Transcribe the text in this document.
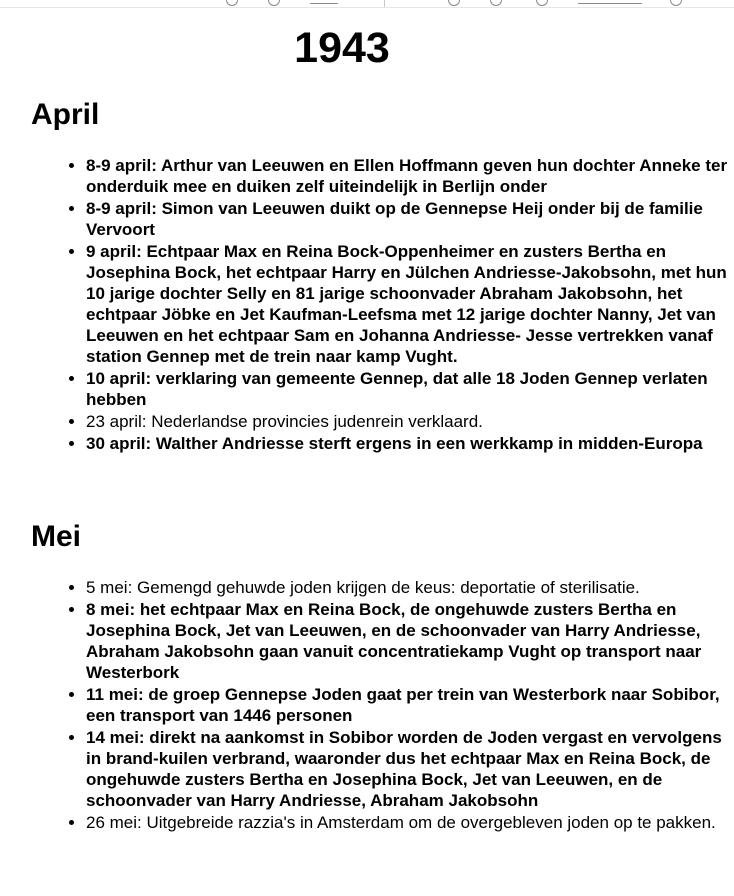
1943
April
• 8-9 april: Arthur van Leeuwen en Ellen Hoffmann geven hun dochter Anneke ter onderduik mee en duiken zelf uiteindelijk in Berlijn onder
• 8-9 april: Simon van Leeuwen duikt op de Gennepse Heij onder bij de familie Vervoort
• 9 april: Echtpaar Max en Reina Bock-Oppenheimer en zusters Bertha en Josephina Bock, het echtpaar Harry en Jülchen Andriesse-Jakobsohn, met hun 10 jarige dochter Selly en 81 jarige schoonvader Abraham Jakobsohn, het echtpaar Jöbke en Jet Kaufman-Leefsma met 12 jarige dochter Nanny, Jet van Leeuwen en het echtpaar Sam en Johanna Andriesse- Jesse vertrekken vanaf station Gennep met de trein naar kamp Vught.
• 10 april: verklaring van gemeente Gennep, dat alle 18 Joden Gennep verlaten hebben
• 23 april: Nederlandse provincies judenrein verklaard.
• 30 april: Walther Andriesse sterft ergens in een werkkamp in midden-Europa
Mei
• 5 mei: Gemengd gehuwde joden krijgen de keus: deportatie of sterilisatie.
• 8 mei: het echtpaar Max en Reina Bock, de ongehuwde zusters Bertha en Josephina Bock, Jet van Leeuwen, en de schoonvader van Harry Andriesse, Abraham Jakobsohn gaan vanuit concentratiekamp Vught op transport naar Westerbork
• 11 mei: de groep Gennepse Joden gaat per trein van Westerbork naar Sobibor, een transport van 1446 personen
• 14 mei: direkt na aankomst in Sobibor worden de Joden vergast en vervolgens in brand-kuilen verbrand, waaronder dus het echtpaar Max en Reina Bock, de ongehuwde zusters Bertha en Josephina Bock, Jet van Leeuwen, en de schoonvader van Harry Andriesse, Abraham Jakobsohn
• 26 mei: Uitgebreide razzia's in Amsterdam om de overgebleven joden op te pakken.
